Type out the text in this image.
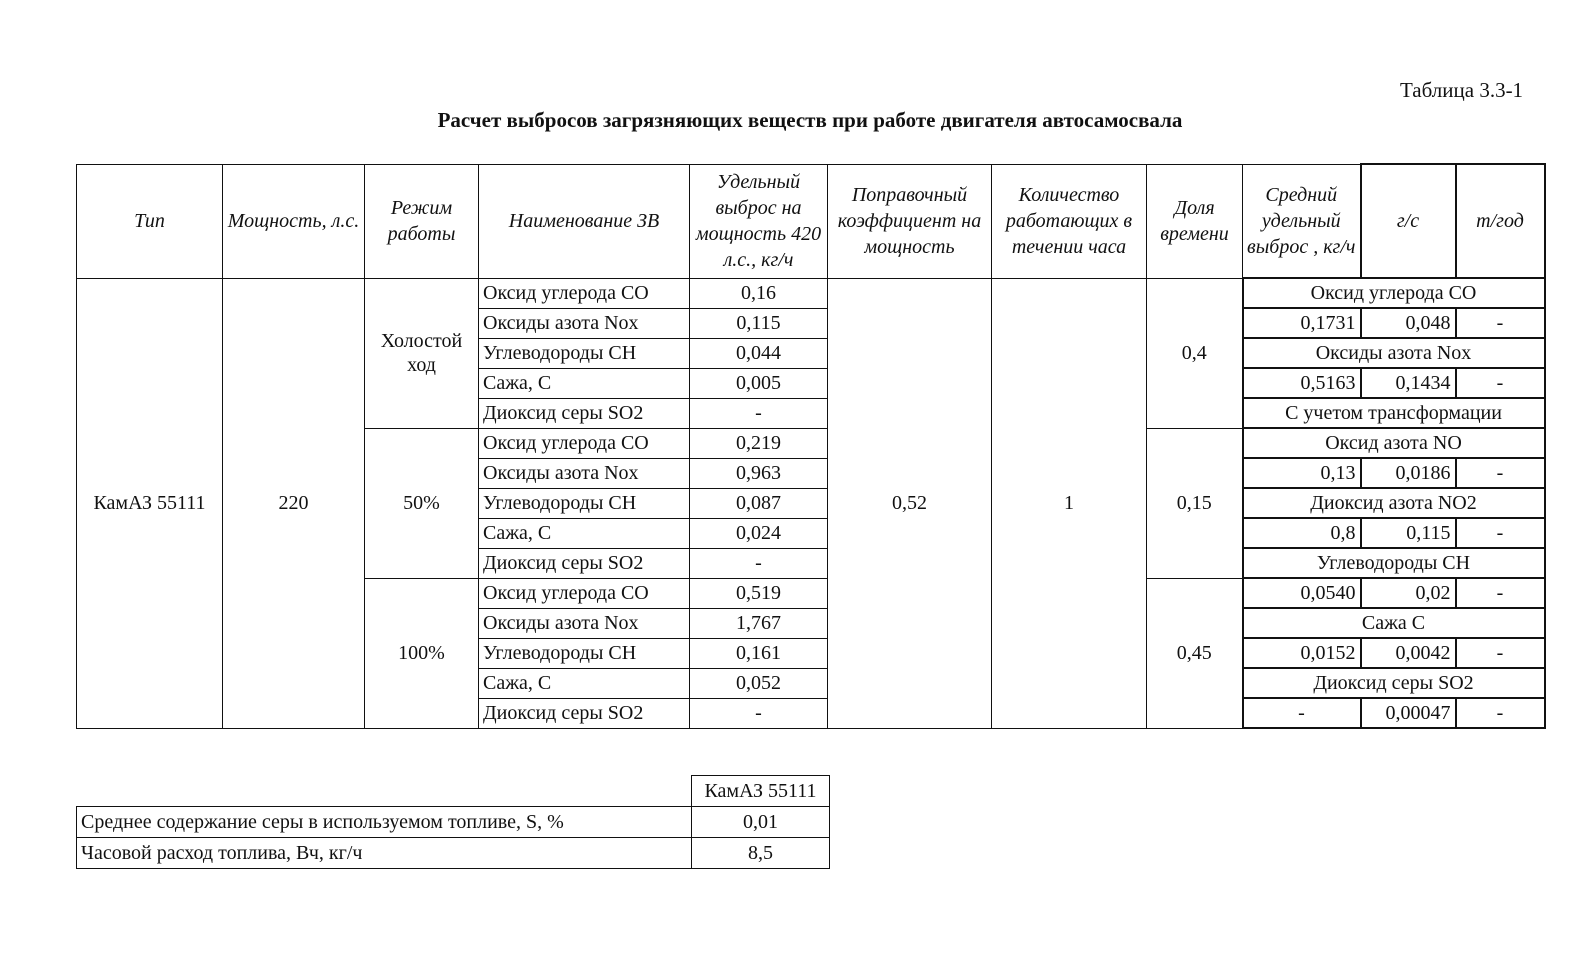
Таблица 3.3-1
Расчет выбросов загрязняющих веществ при работе двигателя автосамосвала
Тип	Мощность, л.с.	Режим работы	Наименование ЗВ	Удельный выброс на мощность 420 л.с., кг/ч	Поправочный коэффициент на мощность	Количество работающих в течении часа	Доля времени	Средний удельный выброс , кг/ч	г/с	т/год
КамАЗ 55111	220	Холостой ход	Оксид углерода CO	0,16	0,52	1	0,4	Оксид углерода CO		
			Оксиды азота Nox	0,115				0,1731	0,048	-
			Углеводороды CH	0,044				Оксиды азота Nox		
			Сажа, С	0,005				0,5163	0,1434	-
			Диоксид серы SO2	-				С учетом трансформации		
		50%	Оксид углерода CO	0,219			0,15	Оксид азота NO		
			Оксиды азота Nox	0,963				0,13	0,0186	-
			Углеводороды CH	0,087				Диоксид азота NO2		
			Сажа, С	0,024				0,8	0,115	-
			Диоксид серы SO2	-				Углеводороды CH		
		100%	Оксид углерода CO	0,519			0,45	0,0540	0,02	-
			Оксиды азота Nox	1,767				Сажа С		
			Углеводороды CH	0,161				0,0152	0,0042	-
			Сажа, С	0,052				Диоксид серы SO2		
			Диоксид серы SO2	-				-	0,00047	-
	КамАЗ 55111
Среднее содержание серы в используемом топливе, S, %	0,01
Часовой расход топлива, Вч, кг/ч	8,5
